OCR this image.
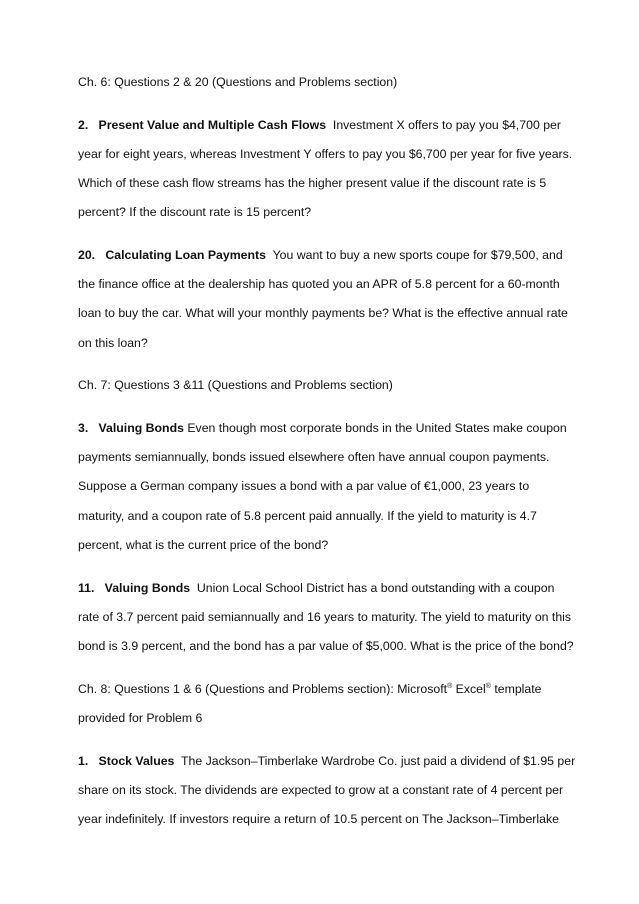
Ch. 6: Questions 2 & 20 (Questions and Problems section)

2. Present Value and Multiple Cash Flows Investment X offers to pay you $4,700 per year for eight years, whereas Investment Y offers to pay you $6,700 per year for five years. Which of these cash flow streams has the higher present value if the discount rate is 5 percent? If the discount rate is 15 percent?

20. Calculating Loan Payments You want to buy a new sports coupe for $79,500, and the finance office at the dealership has quoted you an APR of 5.8 percent for a 60-month loan to buy the car. What will your monthly payments be? What is the effective annual rate on this loan?

Ch. 7: Questions 3 &11 (Questions and Problems section)

3. Valuing Bonds Even though most corporate bonds in the United States make coupon payments semiannually, bonds issued elsewhere often have annual coupon payments. Suppose a German company issues a bond with a par value of €1,000, 23 years to maturity, and a coupon rate of 5.8 percent paid annually. If the yield to maturity is 4.7 percent, what is the current price of the bond?

11. Valuing Bonds Union Local School District has a bond outstanding with a coupon rate of 3.7 percent paid semiannually and 16 years to maturity. The yield to maturity on this bond is 3.9 percent, and the bond has a par value of $5,000. What is the price of the bond?

Ch. 8: Questions 1 & 6 (Questions and Problems section): Microsoft® Excel® template provided for Problem 6

1. Stock Values The Jackson–Timberlake Wardrobe Co. just paid a dividend of $1.95 per share on its stock. The dividends are expected to grow at a constant rate of 4 percent per year indefinitely. If investors require a return of 10.5 percent on The Jackson–Timberlake
